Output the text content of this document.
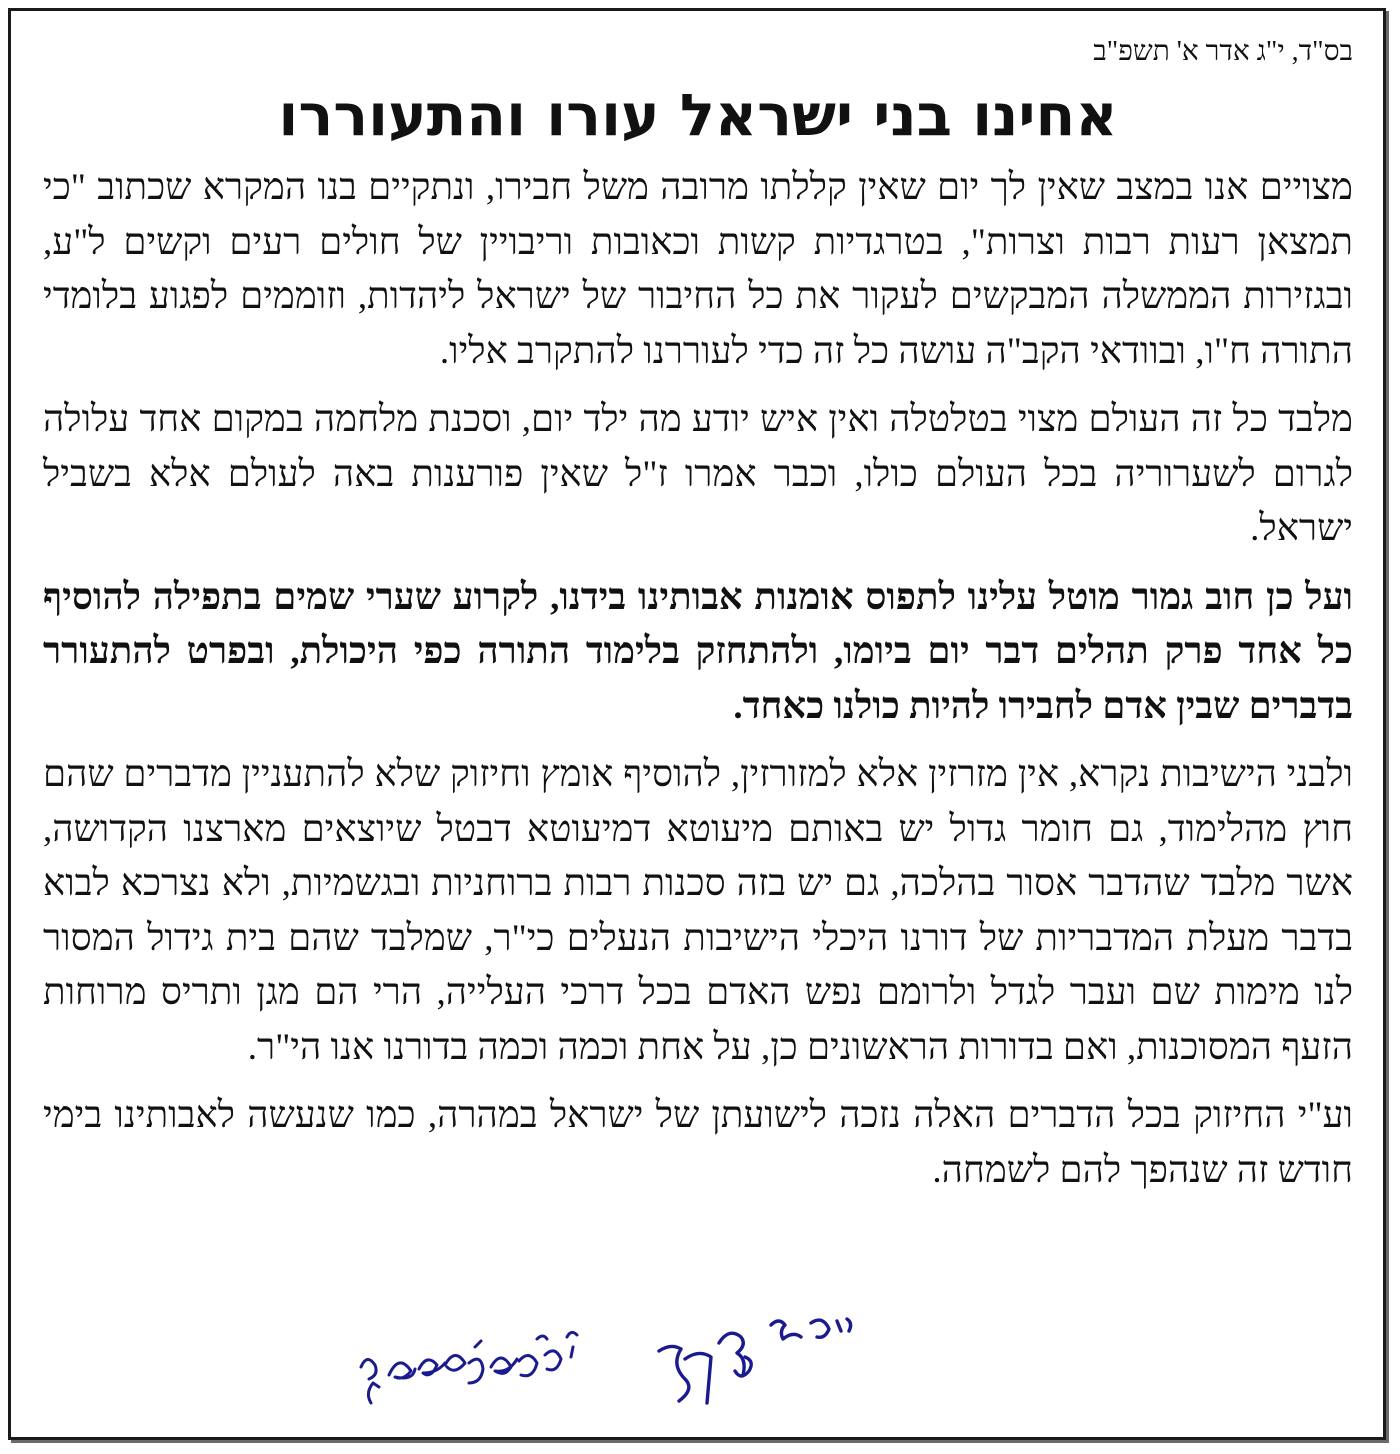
בס"ד, י"ג אדר א' תשפ"ב
אחינו בני ישראל עורו והתעוררו

מצויים אנו במצב שאין לך יום שאין קללתו מרובה משל חבירו, ונתקיים בנו המקרא שכתוב "כי תמצאן רעות רבות וצרות", בטרגדיות קשות וכאובות וריבויין של חולים רעים וקשים ל"ע, ובגזירות הממשלה המבקשים לעקור את כל החיבור של ישראל ליהדות, וזוממים לפגוע בלומדי התורה ח"ו, ובוודאי הקב"ה עושה כל זה כדי לעוררנו להתקרב אליו.

מלבד כל זה העולם מצוי בטלטלה ואין איש יודע מה ילד יום, וסכנת מלחמה במקום אחד עלולה לגרום לשערוריה בכל העולם כולו, וכבר אמרו ז"ל שאין פורענות באה לעולם אלא בשביל ישראל.

ועל כן חוב גמור מוטל עלינו לתפוס אומנות אבותינו בידנו, לקרוע שערי שמים בתפילה להוסיף כל אחד פרק תהלים דבר יום ביומו, ולהתחזק בלימוד התורה כפי היכולת, ובפרט להתעורר בדברים שבין אדם לחבירו להיות כולנו כאחד.

ולבני הישיבות נקרא, אין מזרזין אלא למזורזין, להוסיף אומץ וחיזוק שלא להתעניין מדברים שהם חוץ מהלימוד, גם חומר גדול יש באותם מיעוטא דמיעוטא דבטל שיוצאים מארצנו הקדושה, אשר מלבד שהדבר אסור בהלכה, גם יש בזה סכנות רבות ברוחניות ובגשמיות, ולא נצרכא לבוא בדבר מעלת המדבריות של דורנו היכלי הישיבות הנעלים כי"ר, שמלבד שהם בית גידול המסור לנו מימות שם ועבר לגדל ולרומם נפש האדם בכל דרכי העלייה, הרי הם מגן ותריס מרוחות הזעף המסוכנות, ואם בדורות הראשונים כן, על אחת וכמה וכמה בדורנו אנו הי"ר.

וע"י החיזוק בכל הדברים האלה נזכה לישועתן של ישראל במהרה, כמו שנעשה לאבותינו בימי חודש זה שנהפך להם לשמחה.
